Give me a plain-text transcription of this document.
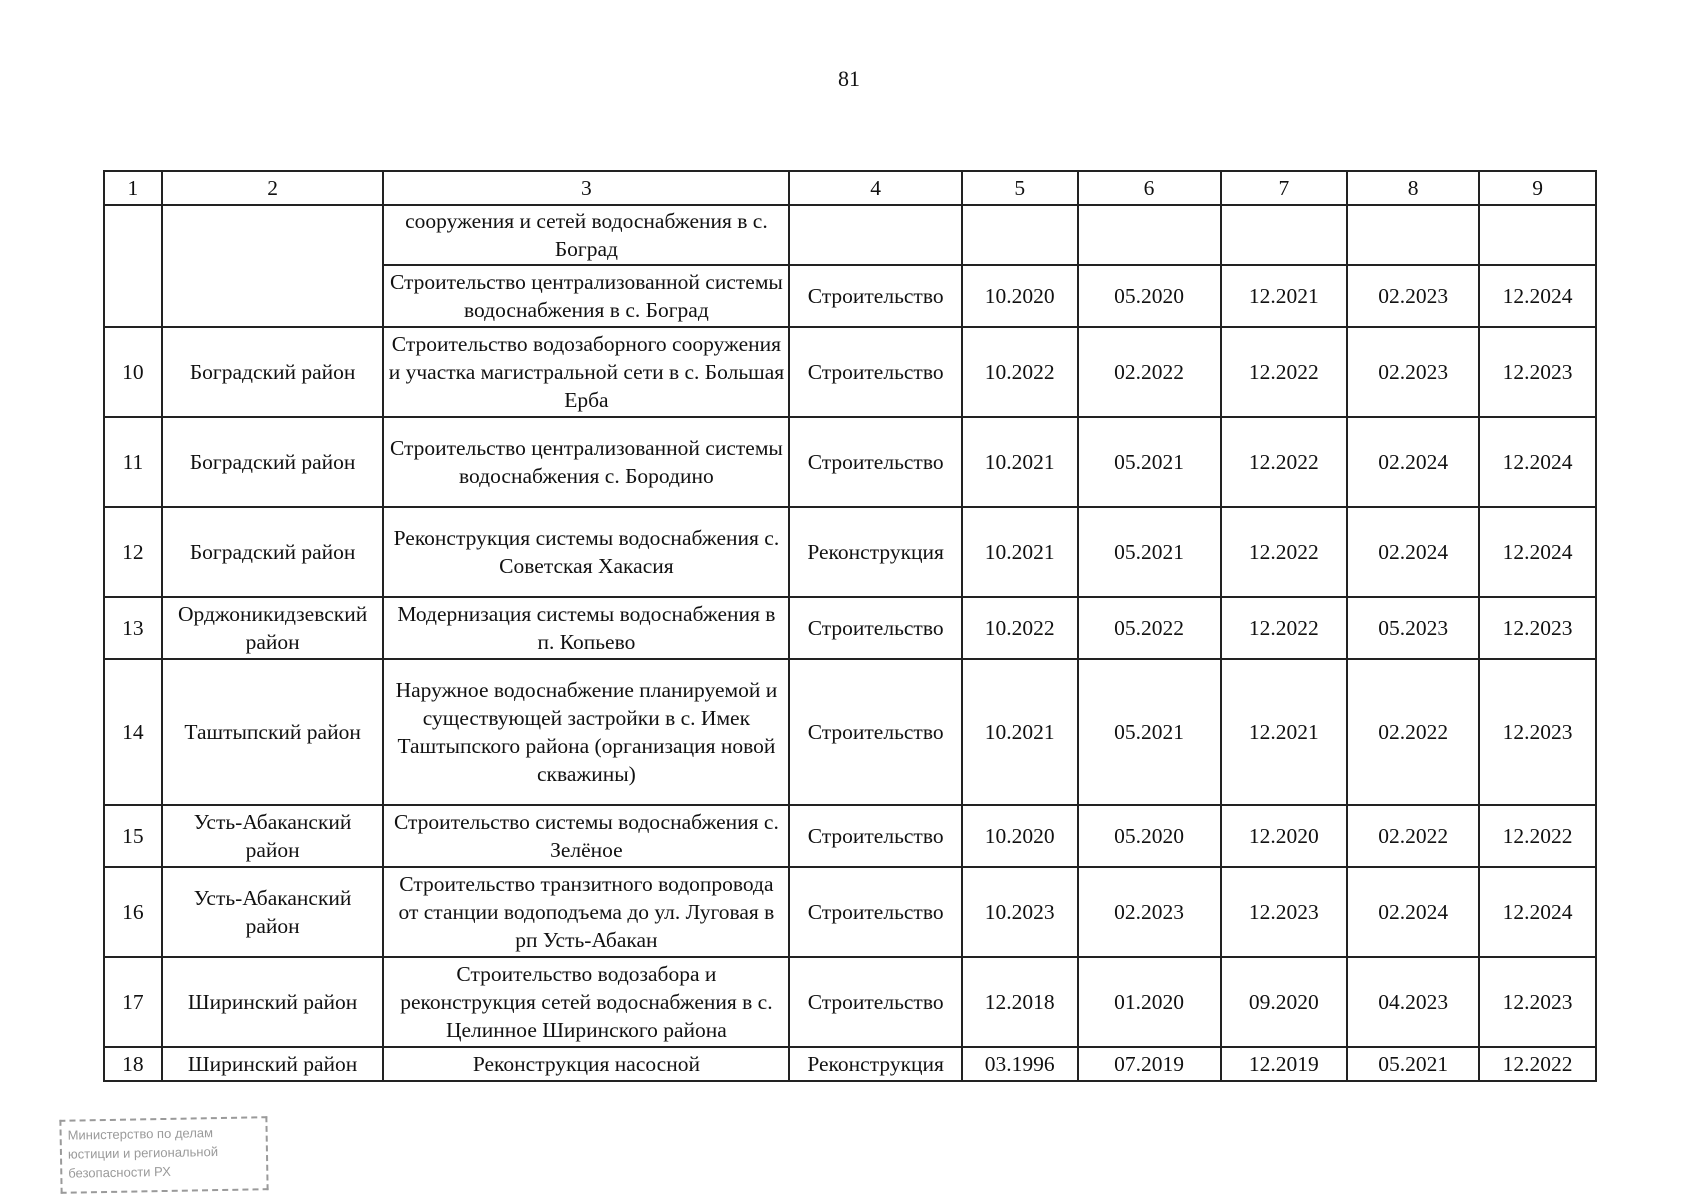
81
1	2	3	4	5	6	7	8	9
		сооружения и сетей водоснабжения в с. Боград						
		Строительство централизованной системы водоснабжения в с. Боград	Строительство	10.2020	05.2020	12.2021	02.2023	12.2024
10	Боградский район	Строительство водозаборного сооружения и участка магистральной сети в с. Большая Ерба	Строительство	10.2022	02.2022	12.2022	02.2023	12.2023
11	Боградский район	Строительство централизованной системы водоснабжения с. Бородино	Строительство	10.2021	05.2021	12.2022	02.2024	12.2024
12	Боградский район	Реконструкция системы водоснабжения с. Советская Хакасия	Реконструкция	10.2021	05.2021	12.2022	02.2024	12.2024
13	Орджоникидзевский район	Модернизация системы водоснабжения в п. Копьево	Строительство	10.2022	05.2022	12.2022	05.2023	12.2023
14	Таштыпский район	Наружное водоснабжение планируемой и существующей застройки в с. Имек Таштыпского района (организация новой скважины)	Строительство	10.2021	05.2021	12.2021	02.2022	12.2023
15	Усть-Абаканский район	Строительство системы водоснабжения с. Зелёное	Строительство	10.2020	05.2020	12.2020	02.2022	12.2022
16	Усть-Абаканский район	Строительство транзитного водопровода от станции водоподъема до ул. Луговая в рп Усть-Абакан	Строительство	10.2023	02.2023	12.2023	02.2024	12.2024
17	Ширинский район	Строительство водозабора и реконструкция сетей водоснабжения в с. Целинное Ширинского района	Строительство	12.2018	01.2020	09.2020	04.2023	12.2023
18	Ширинский район	Реконструкция насосной	Реконструкция	03.1996	07.2019	12.2019	05.2021	12.2022
Министерство по делам
юстиции и региональной
безопасности РХ
